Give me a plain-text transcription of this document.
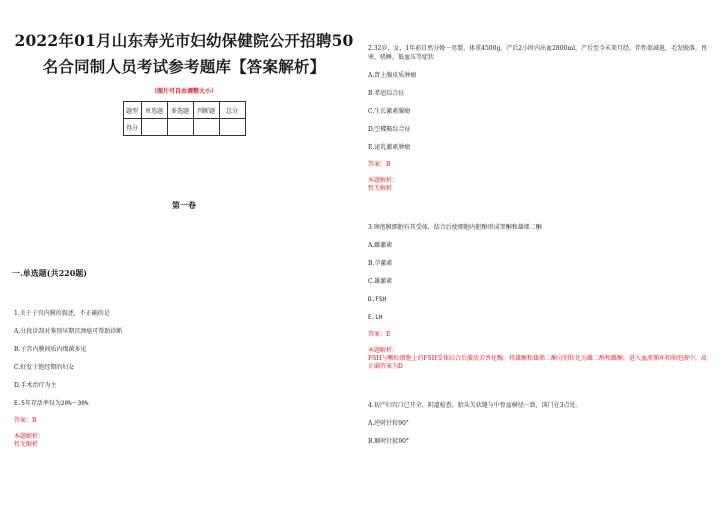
2022年01月山东寿光市妇幼保健院公开招聘50
名合同制人员考试参考题库【答案解析】
（图片可自由调整大小）
题型	单选题	多选题	判断题	总分
得分				
第一卷
一.单选题(共220题)
1.关于子宫内膜的叙述，不正确的是
A.分段诊刮对鉴别早期宫颈癌可帮助诊断
B.子宫内膜间质内细菌多见
C.好发于绝经期的妇女
D.手术治疗为主
E.5年存活率仅为20%～30%
答案：B
本题解析：
暂无解析
2.32岁，女，1年前自然分娩一男婴，体重4500g，产后2小时内出血2800ml，产后至今未来月经，伴性欲减退，毛发脱落，畏寒，嗜睡，低血压等症状
A.肾上腺皮质肿瘤
B.希恩综合征
C.生长激素腺瘤
D.空蝶鞍综合征
E.泌乳激素肿瘤
答案：B
本题解析：
暂无解析
3.卵泡膜细胞有其受体，结合后使细胞内胆醇形成睾酮和雄烯二酮
A.雌激素
B.孕激素
C.雄激素
D.FSH
E.LH
答案：E
本题解析：
FSH与颗粒细胞上的FSH受体结合后激活芳香化酶，将雄酮和雄烯二酮分别转化为雌二醇和雌酮，进入血液循环和卵泡液中，故正确答案为D
4.初产妇宫口已开全，阴道检查，胎头矢状缝与中骨盆横径一致，囟门在3点处。
A.逆时针转90°
B.顺时针转90°
